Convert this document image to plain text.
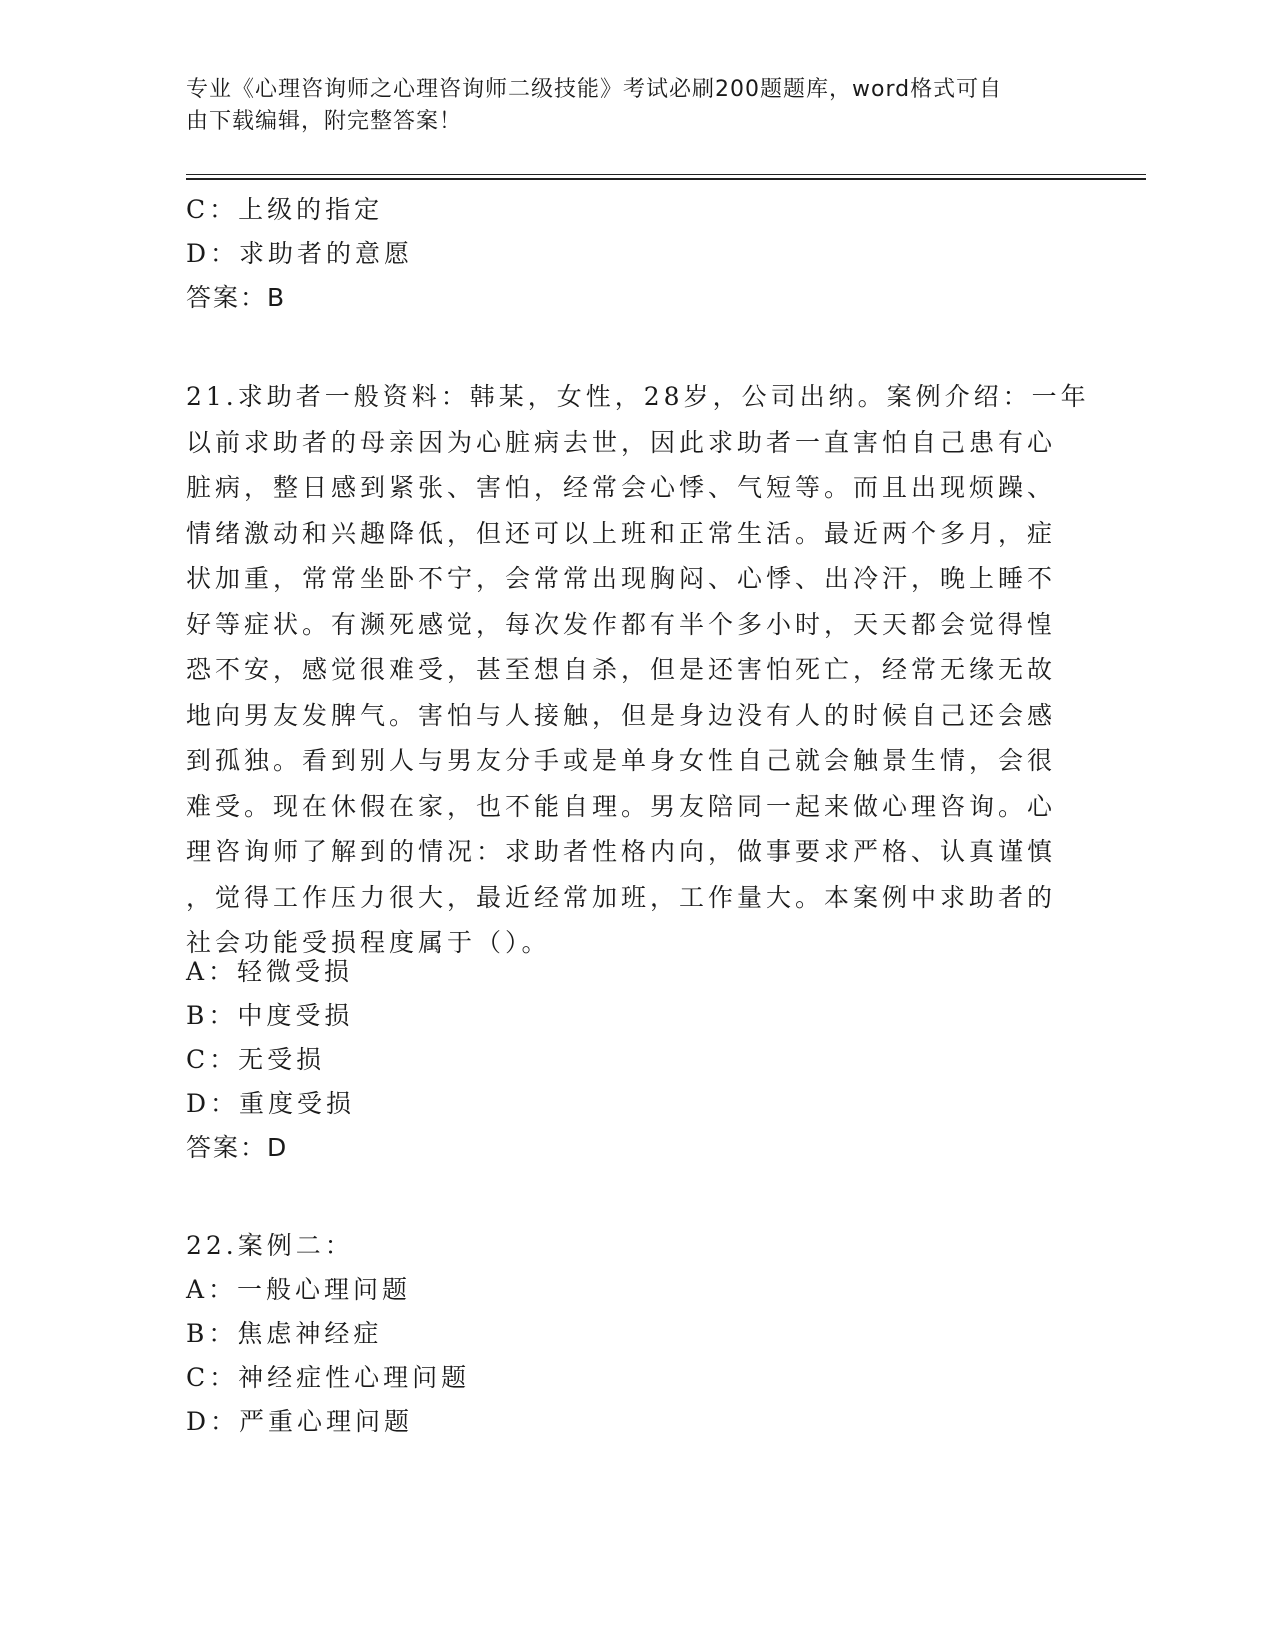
专业《心理咨询师之心理咨询师二级技能》考试必刷200题题库，word格式可自
由下载编辑，附完整答案！
C：上级的指定
D：求助者的意愿
答案：B
21.求助者一般资料：韩某，女性，28岁，公司出纳。案例介绍：一年
以前求助者的母亲因为心脏病去世，因此求助者一直害怕自己患有心
脏病，整日感到紧张、害怕，经常会心悸、气短等。而且出现烦躁、
情绪激动和兴趣降低，但还可以上班和正常生活。最近两个多月，症
状加重，常常坐卧不宁，会常常出现胸闷、心悸、出冷汗，晚上睡不
好等症状。有濒死感觉，每次发作都有半个多小时，天天都会觉得惶
恐不安，感觉很难受，甚至想自杀，但是还害怕死亡，经常无缘无故
地向男友发脾气。害怕与人接触，但是身边没有人的时候自己还会感
到孤独。看到别人与男友分手或是单身女性自己就会触景生情，会很
难受。现在休假在家，也不能自理。男友陪同一起来做心理咨询。心
理咨询师了解到的情况：求助者性格内向，做事要求严格、认真谨慎
，觉得工作压力很大，最近经常加班，工作量大。本案例中求助者的
社会功能受损程度属于（）。
A：轻微受损
B：中度受损
C：无受损
D：重度受损
答案：D
22.案例二：
A：一般心理问题
B：焦虑神经症
C：神经症性心理问题
D：严重心理问题
